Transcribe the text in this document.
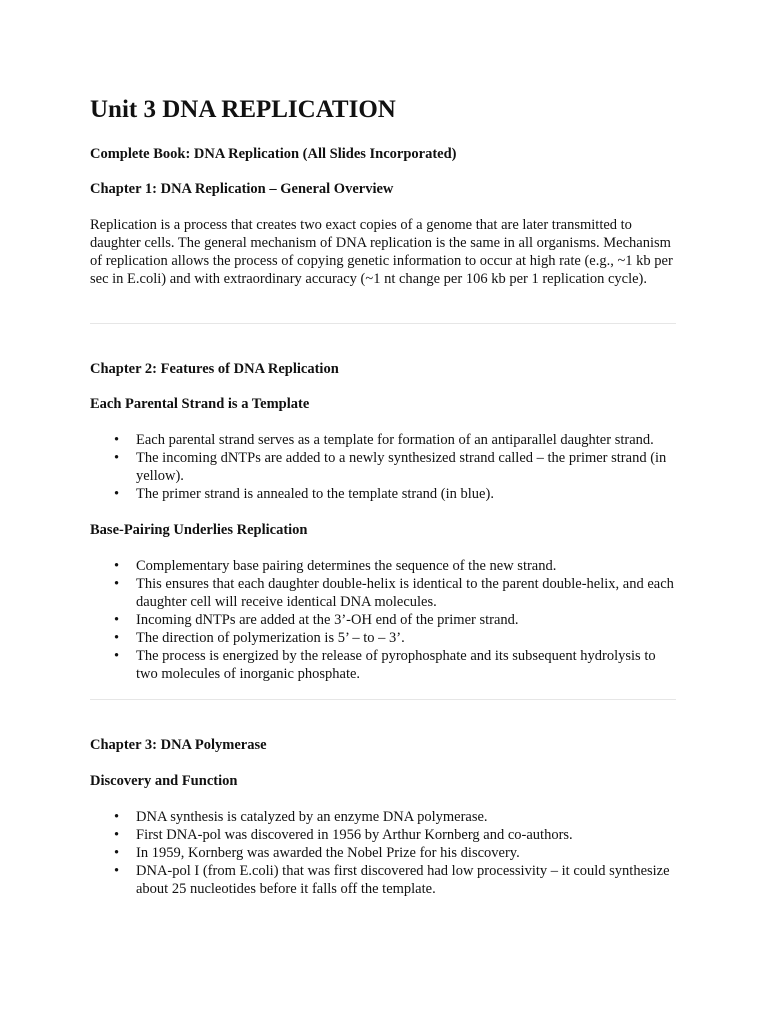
Unit 3 DNA REPLICATION

Complete Book: DNA Replication (All Slides Incorporated)

Chapter 1: DNA Replication – General Overview

Replication is a process that creates two exact copies of a genome that are later transmitted to daughter cells. The general mechanism of DNA replication is the same in all organisms. Mechanism of replication allows the process of copying genetic information to occur at high rate (e.g., ~1 kb per sec in E.coli) and with extraordinary accuracy (~1 nt change per 106 kb per 1 replication cycle).

Chapter 2: Features of DNA Replication

Each Parental Strand is a Template

• Each parental strand serves as a template for formation of an antiparallel daughter strand.
• The incoming dNTPs are added to a newly synthesized strand called – the primer strand (in yellow).
• The primer strand is annealed to the template strand (in blue).

Base-Pairing Underlies Replication

• Complementary base pairing determines the sequence of the new strand.
• This ensures that each daughter double-helix is identical to the parent double-helix, and each daughter cell will receive identical DNA molecules.
• Incoming dNTPs are added at the 3’-OH end of the primer strand.
• The direction of polymerization is 5’ – to – 3’.
• The process is energized by the release of pyrophosphate and its subsequent hydrolysis to two molecules of inorganic phosphate.

Chapter 3: DNA Polymerase

Discovery and Function

• DNA synthesis is catalyzed by an enzyme DNA polymerase.
• First DNA-pol was discovered in 1956 by Arthur Kornberg and co-authors.
• In 1959, Kornberg was awarded the Nobel Prize for his discovery.
• DNA-pol I (from E.coli) that was first discovered had low processivity – it could synthesize about 25 nucleotides before it falls off the template.
